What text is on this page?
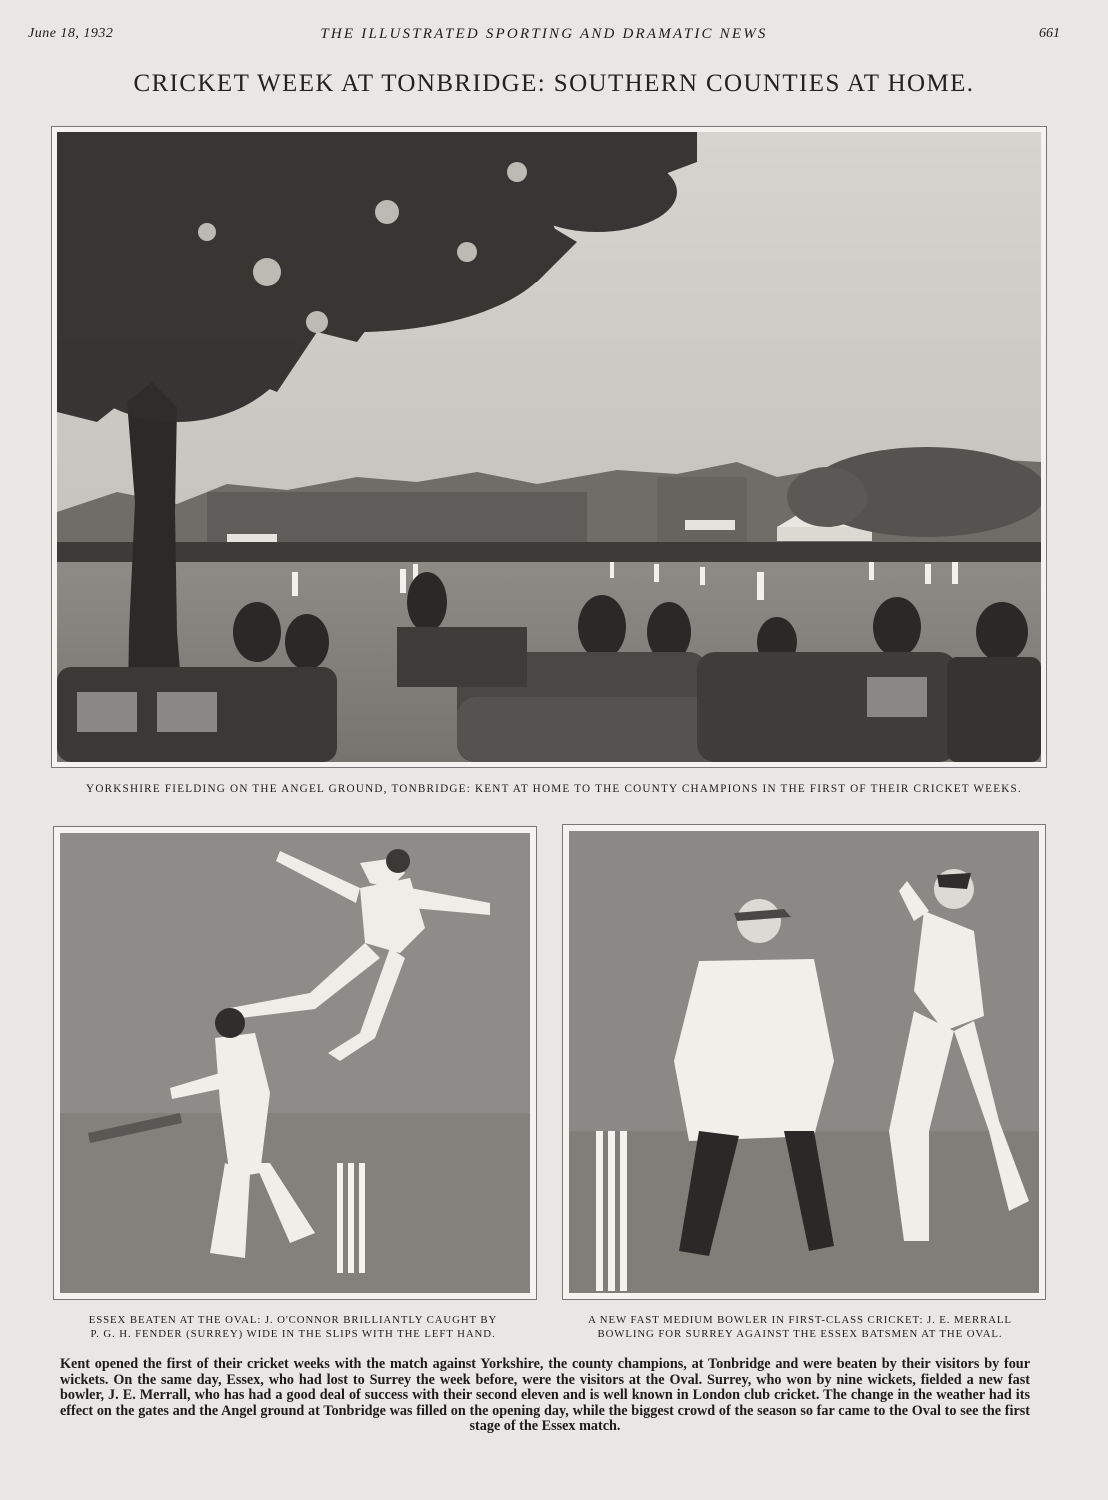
June 18, 1932	THE ILLUSTRATED SPORTING AND DRAMATIC NEWS	661
CRICKET WEEK AT TONBRIDGE: SOUTHERN COUNTIES AT HOME.
YORKSHIRE FIELDING ON THE ANGEL GROUND, TONBRIDGE: KENT AT HOME TO THE COUNTY CHAMPIONS IN THE FIRST OF THEIR CRICKET WEEKS.
ESSEX BEATEN AT THE OVAL: J. O'CONNOR BRILLIANTLY CAUGHT BY
P. G. H. FENDER (SURREY) WIDE IN THE SLIPS WITH THE LEFT HAND.
A NEW FAST MEDIUM BOWLER IN FIRST-CLASS CRICKET: J. E. MERRALL
BOWLING FOR SURREY AGAINST THE ESSEX BATSMEN AT THE OVAL.
Kent opened the first of their cricket weeks with the match against Yorkshire, the county champions, at Tonbridge and were beaten by their visitors by four wickets. On the same day, Essex, who had lost to Surrey the week before, were the visitors at the Oval. Surrey, who won by nine wickets, fielded a new fast bowler, J. E. Merrall, who has had a good deal of success with their second eleven and is well known in London club cricket. The change in the weather had its effect on the gates and the Angel ground at Tonbridge was filled on the opening day, while the biggest crowd of the season so far came to the Oval to see the first stage of the Essex match.
